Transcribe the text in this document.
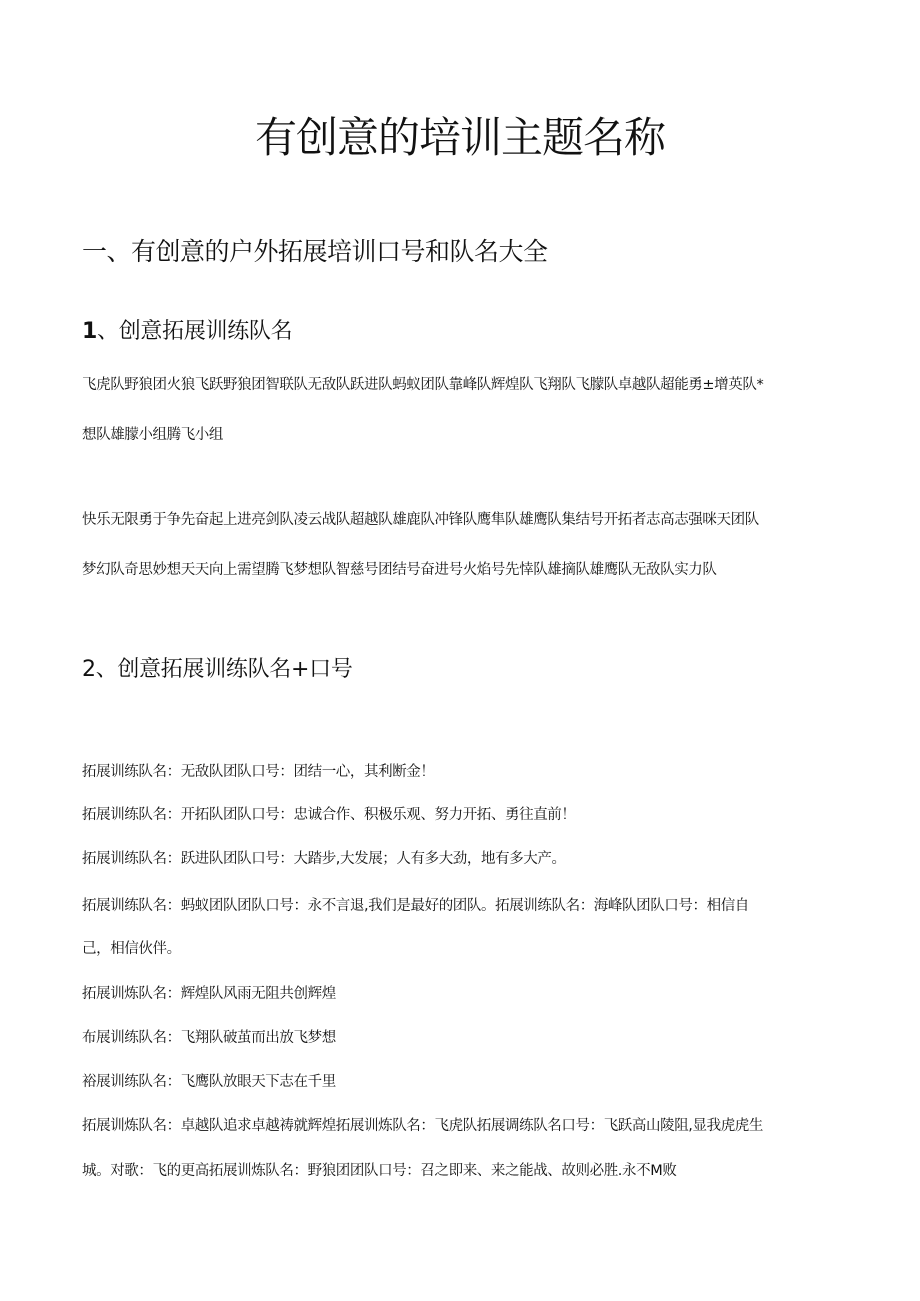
有创意的培训主题名称
一、有创意的户外拓展培训口号和队名大全
1、创意拓展训练队名

飞虎队野狼团火狼飞跃野狼团智联队无敌队跃进队蚂蚁团队靠峰队辉煌队飞翔队飞朦队卓越队超能勇±增英队*
想队雄朦小组腾飞小组

快乐无限勇于争先奋起上进亮剑队凌云战队超越队雄鹿队冲锋队鹰隼队雄鹰队集结号开拓者志高志强咪天团队
梦幻队奇思妙想天天向上需望腾飞梦想队智慈号团结号奋进号火焰号先悻队雄摘队雄鹰队无敌队实力队

2、创意拓展训练队名+口号
拓展训练队名：无敌队团队口号：团结一心，其利断金！
拓展训练队名：开拓队团队口号：忠诚合作、积极乐观、努力开拓、勇往直前！
拓展训练队名：跃进队团队口号：大踏步,大发展；人有多大劲，地有多大产。
拓展训练队名：蚂蚁团队团队口号：永不言退,我们是最好的团队。拓展训练队名：海峰队团队口号：相信自
己，相信伙伴。
拓展训炼队名：辉煌队风雨无阻共创辉煌
布展训练队名：飞翔队破茧而出放飞梦想
裕展训练队名：飞鹰队放眼天下志在千里
拓展训炼队名：卓越队追求卓越祷就辉煌拓展训炼队名：飞虎队拓展调练队名口号：飞跃高山陵阻,显我虎虎生
城。对歌：飞的更高拓展训炼队名：野狼团团队口号：召之即来、来之能战、故则必胜.永不M败
